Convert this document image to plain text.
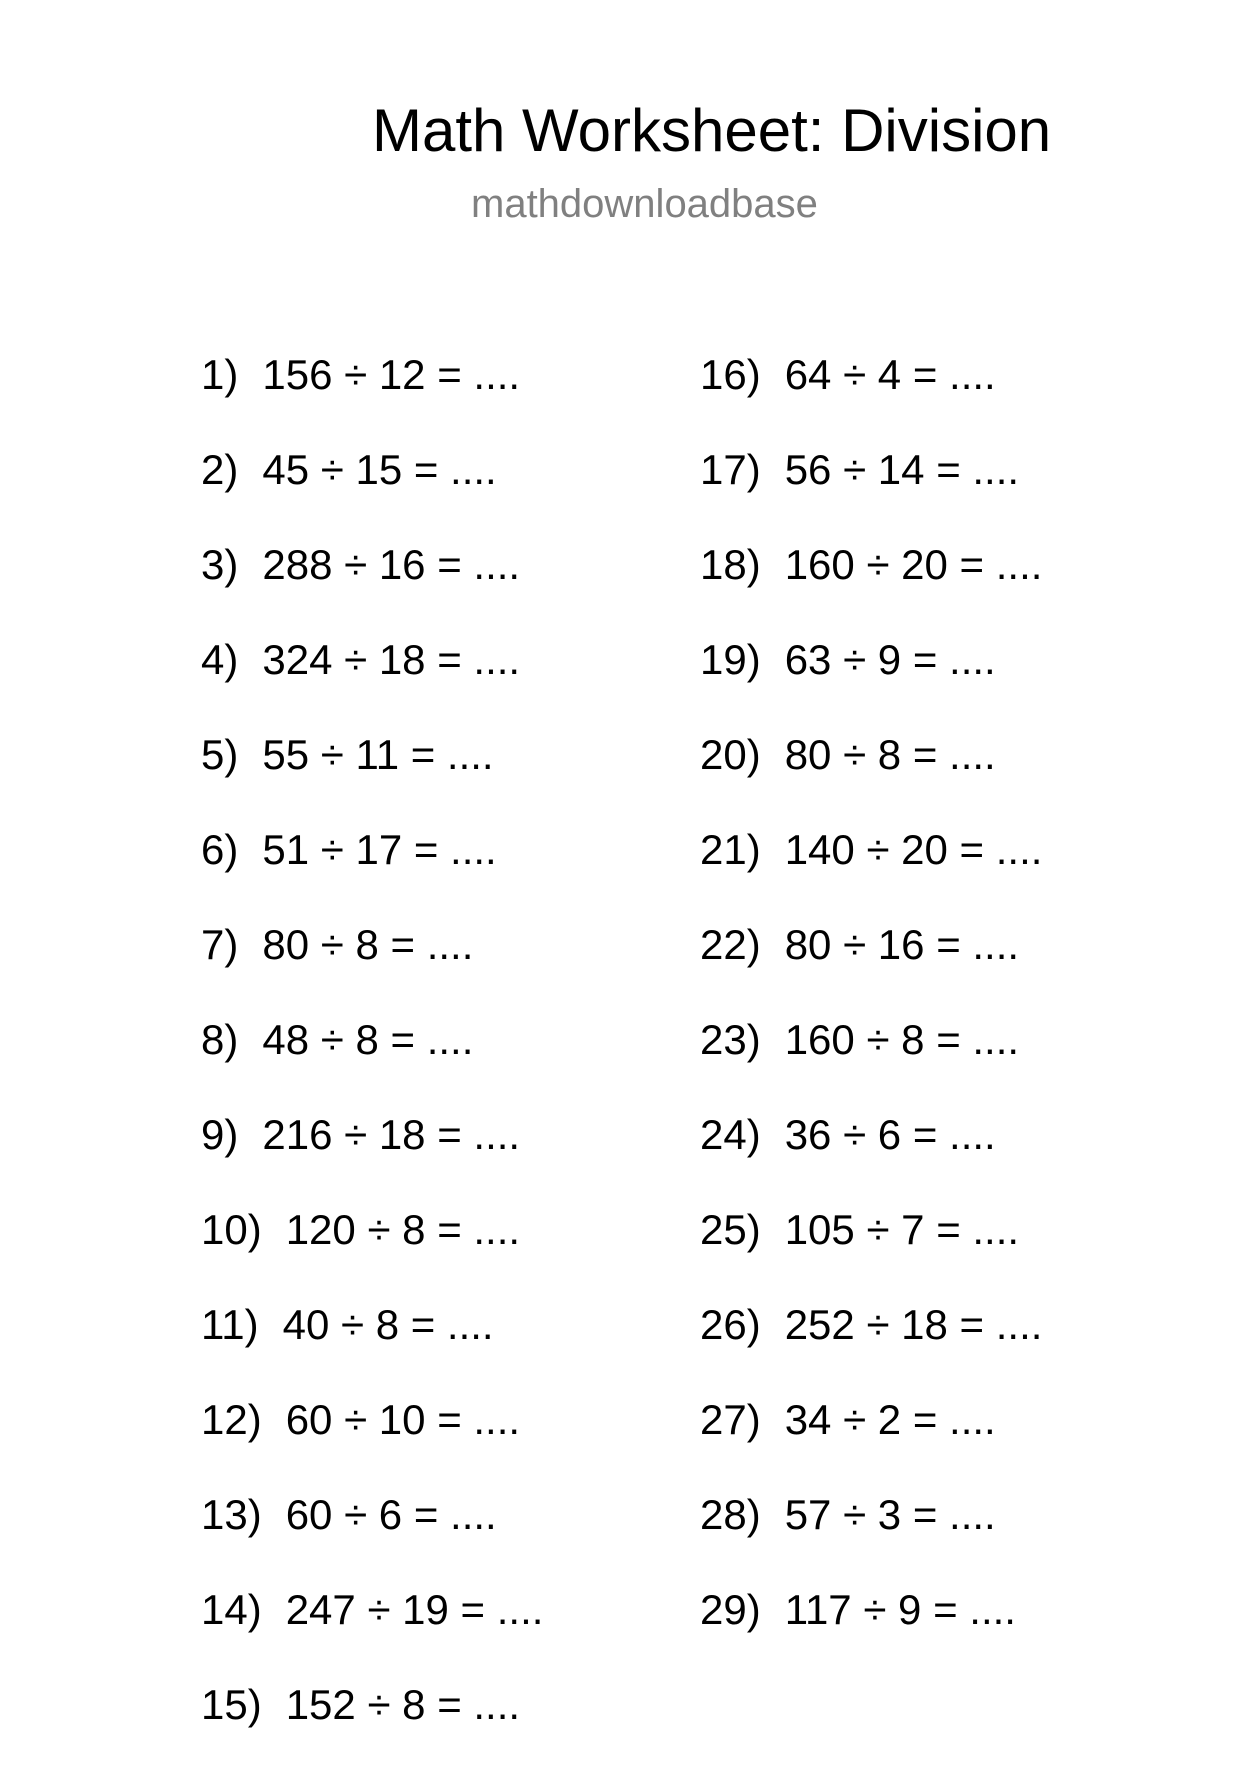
Math Worksheet: Division
mathdownloadbase
1) 156 ÷ 12 = ....
2) 45 ÷ 15 = ....
3) 288 ÷ 16 = ....
4) 324 ÷ 18 = ....
5) 55 ÷ 11 = ....
6) 51 ÷ 17 = ....
7) 80 ÷ 8 = ....
8) 48 ÷ 8 = ....
9) 216 ÷ 18 = ....
10) 120 ÷ 8 = ....
11) 40 ÷ 8 = ....
12) 60 ÷ 10 = ....
13) 60 ÷ 6 = ....
14) 247 ÷ 19 = ....
15) 152 ÷ 8 = ....
16) 64 ÷ 4 = ....
17) 56 ÷ 14 = ....
18) 160 ÷ 20 = ....
19) 63 ÷ 9 = ....
20) 80 ÷ 8 = ....
21) 140 ÷ 20 = ....
22) 80 ÷ 16 = ....
23) 160 ÷ 8 = ....
24) 36 ÷ 6 = ....
25) 105 ÷ 7 = ....
26) 252 ÷ 18 = ....
27) 34 ÷ 2 = ....
28) 57 ÷ 3 = ....
29) 117 ÷ 9 = ....
